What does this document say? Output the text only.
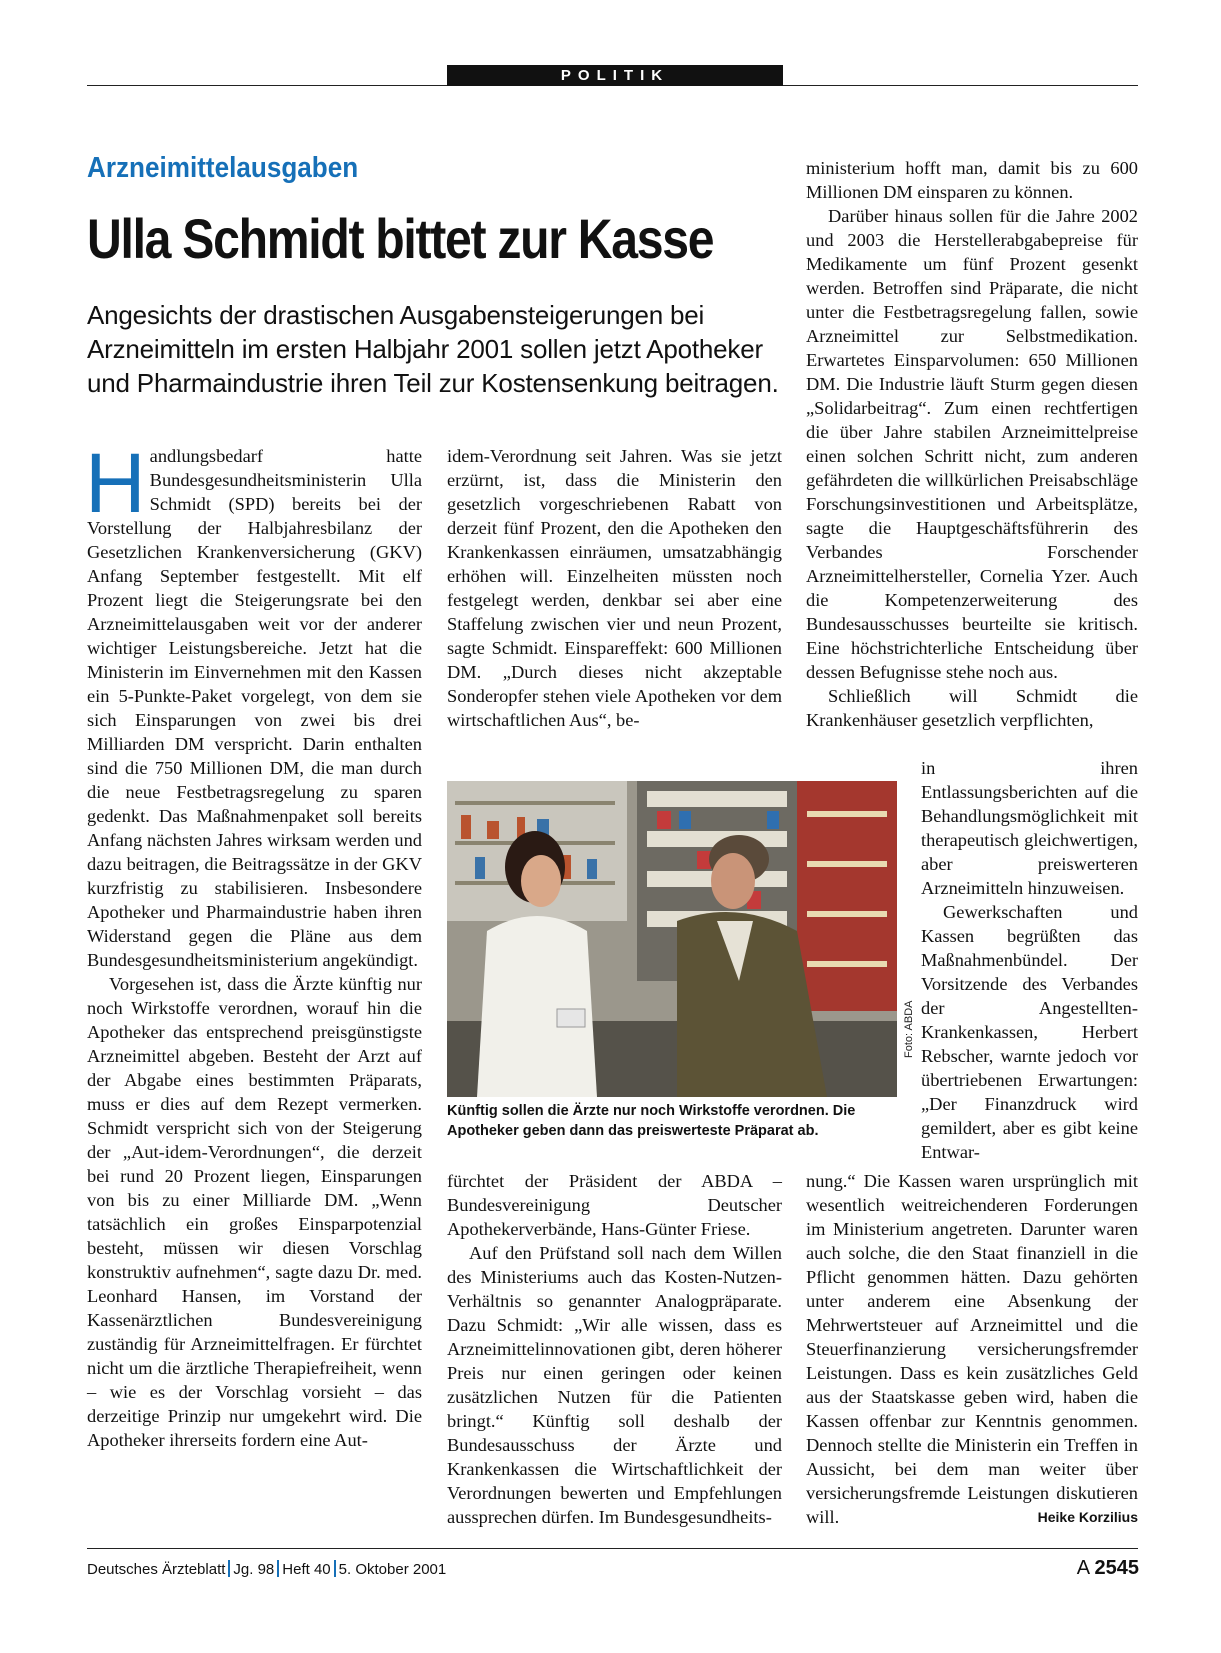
POLITIK
Arzneimittelausgaben
Ulla Schmidt bittet zur Kasse
Angesichts der drastischen Ausgabensteigerungen bei
Arzneimitteln im ersten Halbjahr 2001 sollen jetzt Apotheker
und Pharmaindustrie ihren Teil zur Kostensenkung beitragen.

Handlungsbedarf hatte Bundesgesundheitsministerin Ulla Schmidt (SPD) bereits bei der Vorstellung der Halbjahresbilanz der Gesetzlichen Krankenversicherung (GKV) Anfang September festgestellt. Mit elf Prozent liegt die Steigerungsrate bei den Arzneimittelausgaben weit vor der anderer wichtiger Leistungsbereiche. Jetzt hat die Ministerin im Einvernehmen mit den Kassen ein 5-Punkte-Paket vorgelegt, von dem sie sich Einsparungen von zwei bis drei Milliarden DM verspricht. Darin enthalten sind die 750 Millionen DM, die man durch die neue Festbetragsregelung zu sparen gedenkt. Das Maßnahmenpaket soll bereits Anfang nächsten Jahres wirksam werden und dazu beitragen, die Beitragssätze in der GKV kurzfristig zu stabilisieren. Insbesondere Apotheker und Pharmaindustrie haben ihren Widerstand gegen die Pläne aus dem Bundesgesundheitsministerium angekündigt.

Vorgesehen ist, dass die Ärzte künftig nur noch Wirkstoffe verordnen, worauf hin die Apotheker das entsprechend preisgünstigste Arzneimittel abgeben. Besteht der Arzt auf der Abgabe eines bestimmten Präparats, muss er dies auf dem Rezept vermerken. Schmidt verspricht sich von der Steigerung der „Aut-idem-Verordnungen“, die derzeit bei rund 20 Prozent liegen, Einsparungen von bis zu einer Milliarde DM. „Wenn tatsächlich ein großes Einsparpotenzial besteht, müssen wir diesen Vorschlag konstruktiv aufnehmen“, sagte dazu Dr. med. Leonhard Hansen, im Vorstand der Kassenärztlichen Bundesvereinigung zuständig für Arzneimittelfragen. Er fürchtet nicht um die ärztliche Therapiefreiheit, wenn – wie es der Vorschlag vorsieht – das derzeitige Prinzip nur umgekehrt wird. Die Apotheker ihrerseits fordern eine Aut-

idem-Verordnung seit Jahren. Was sie jetzt erzürnt, ist, dass die Ministerin den gesetzlich vorgeschriebenen Rabatt von derzeit fünf Prozent, den die Apotheken den Krankenkassen einräumen, umsatzabhängig erhöhen will. Einzelheiten müssten noch festgelegt werden, denkbar sei aber eine Staffelung zwischen vier und neun Prozent, sagte Schmidt. Einspareffekt: 600 Millionen DM. „Durch dieses nicht akzeptable Sonderopfer stehen viele Apotheken vor dem wirtschaftlichen Aus“, be-

Foto: ABDA
Künftig sollen die Ärzte nur noch Wirkstoffe verordnen. Die Apotheker geben dann das preiswerteste Präparat ab.

fürchtet der Präsident der ABDA – Bundesvereinigung Deutscher Apothekerverbände, Hans-Günter Friese.

Auf den Prüfstand soll nach dem Willen des Ministeriums auch das Kosten-Nutzen-Verhältnis so genannter Analogpräparate. Dazu Schmidt: „Wir alle wissen, dass es Arzneimittelinnovationen gibt, deren höherer Preis nur einen geringen oder keinen zusätzlichen Nutzen für die Patienten bringt.“ Künftig soll deshalb der Bundesausschuss der Ärzte und Krankenkassen die Wirtschaftlichkeit der Verordnungen bewerten und Empfehlungen aussprechen dürfen. Im Bundesgesundheits-

ministerium hofft man, damit bis zu 600 Millionen DM einsparen zu können.

Darüber hinaus sollen für die Jahre 2002 und 2003 die Herstellerabgabepreise für Medikamente um fünf Prozent gesenkt werden. Betroffen sind Präparate, die nicht unter die Festbetragsregelung fallen, sowie Arzneimittel zur Selbstmedikation. Erwartetes Einsparvolumen: 650 Millionen DM. Die Industrie läuft Sturm gegen diesen „Solidarbeitrag“. Zum einen rechtfertigen die über Jahre stabilen Arzneimittelpreise einen solchen Schritt nicht, zum anderen gefährdeten die willkürlichen Preisabschläge Forschungsinvestitionen und Arbeitsplätze, sagte die Hauptgeschäftsführerin des Verbandes Forschender Arzneimittelhersteller, Cornelia Yzer. Auch die Kompetenzerweiterung des Bundesausschusses beurteilte sie kritisch. Eine höchstrichterliche Entscheidung über dessen Befugnisse stehe noch aus.

Schließlich will Schmidt die Krankenhäuser gesetzlich verpflichten,

in ihren Entlassungsberichten auf die Behandlungsmöglichkeit mit therapeutisch gleichwertigen, aber preiswerteren Arzneimitteln hinzuweisen.

Gewerkschaften und Kassen begrüßten das Maßnahmenbündel. Der Vorsitzende des Verbandes der Angestellten-Krankenkassen, Herbert Rebscher, warnte jedoch vor übertriebenen Erwartungen: „Der Finanzdruck wird gemildert, aber es gibt keine Entwar-

nung.“ Die Kassen waren ursprünglich mit wesentlich weitreichenderen Forderungen im Ministerium angetreten. Darunter waren auch solche, die den Staat finanziell in die Pflicht genommen hätten. Dazu gehörten unter anderem eine Absenkung der Mehrwertsteuer auf Arzneimittel und die Steuerfinanzierung versicherungsfremder Leistungen. Dass es kein zusätzliches Geld aus der Staatskasse geben wird, haben die Kassen offenbar zur Kenntnis genommen. Dennoch stellte die Ministerin ein Treffen in Aussicht, bei dem man weiter über versicherungsfremde Leistungen diskutieren will.	Heike Korzilius

Deutsches Ärzteblatt Jg. 98 Heft 40 5. Oktober 2001	A 2545
